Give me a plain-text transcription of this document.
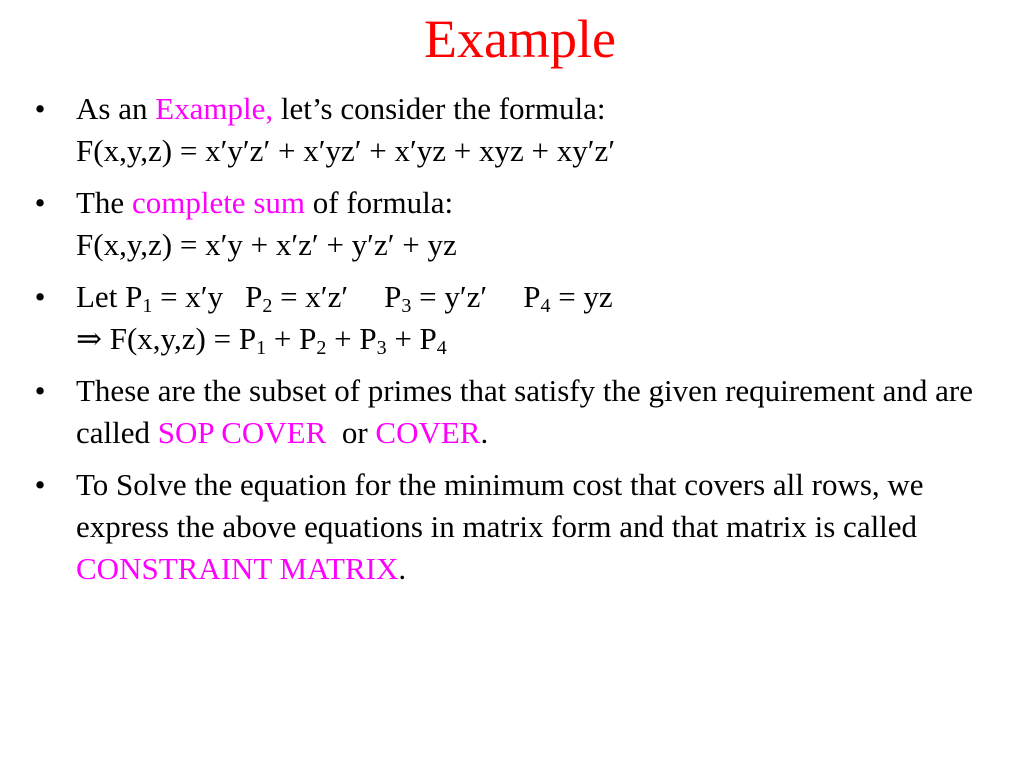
Example
• As an Example, let’s consider the formula:
F(x,y,z) = x′y′z′ + x′yz′ + x′yz + xyz + xy′z′
• The complete sum of formula:
F(x,y,z) = x′y + x′z′ + y′z′ + yz
• Let $P_1 = x'y$ $P_2 = x'z'$ $P_3 = y'z'$ $P_4$ = yz
⇒ $F(x,y,z) = P_1 + P_2 + P_3 + P_4$
• These are the subset of primes that satisfy the given requirement and are called SOP COVER  or COVER.
• To Solve the equation for the minimum cost that covers all rows, we express the above equations in matrix form and that matrix is called CONSTRAINT MATRIX.
